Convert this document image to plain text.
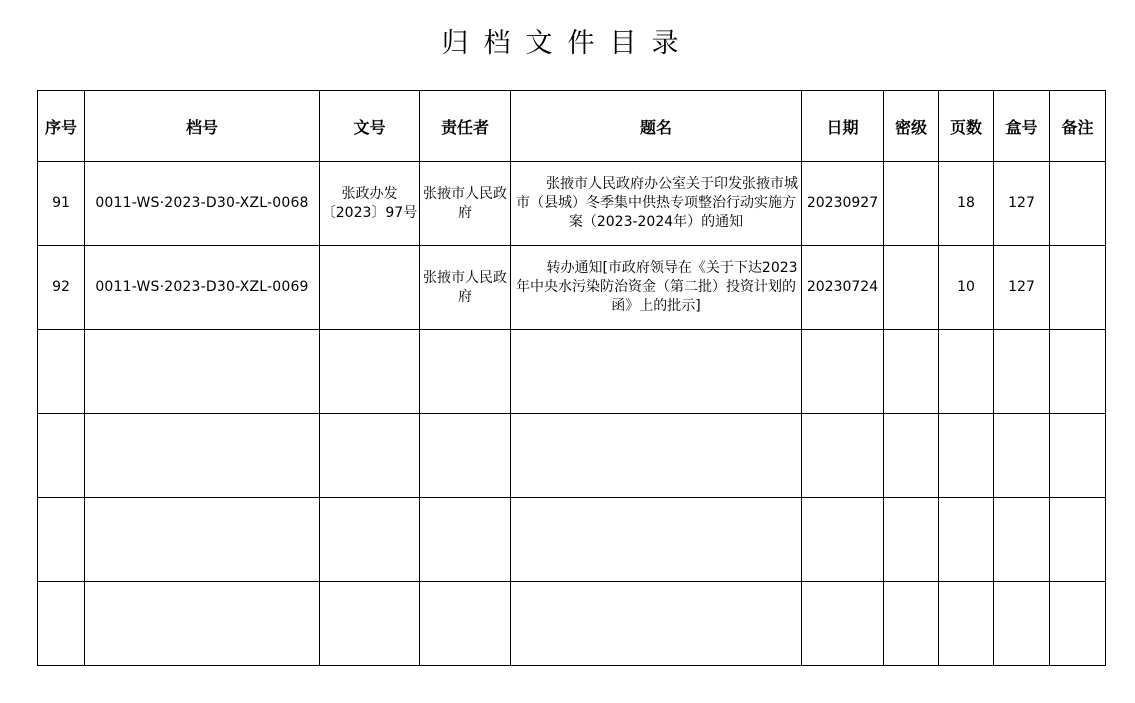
归档文件目录
序号	档号	文号	责任者	题名	日期	密级	页数	盒号	备注
91	0011-WS·2023-D30-XZL-0068	张政办发〔2023〕97号	张掖市人民政府	张掖市人民政府办公室关于印发张掖市城市（县城）冬季集中供热专项整治行动实施方案（2023-2024年）的通知	20230927		18	127	
92	0011-WS·2023-D30-XZL-0069		张掖市人民政府	转办通知[市政府领导在《关于下达2023年中央水污染防治资金（第二批）投资计划的函》上的批示]	20230724		10	127	
